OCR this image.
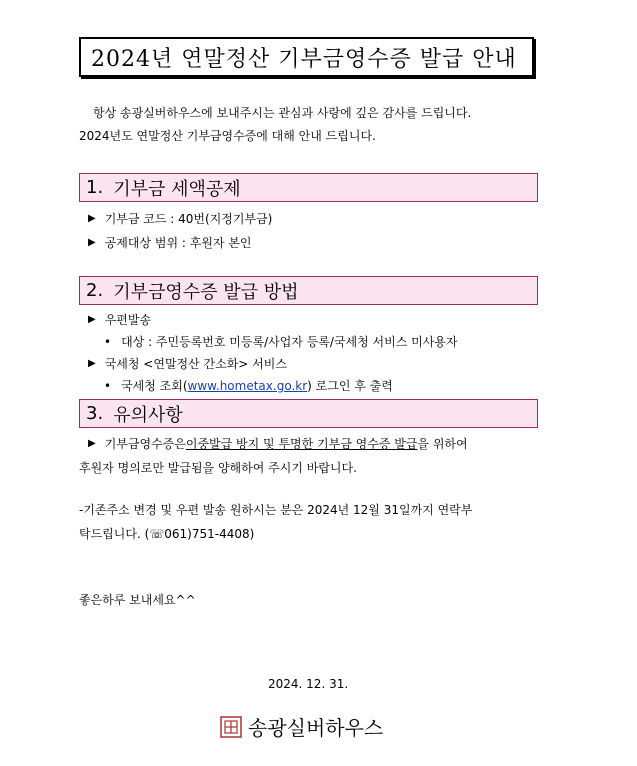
2024년 연말정산 기부금영수증 발급 안내
항상 송광실버하우스에 보내주시는 관심과 사랑에 깊은 감사를 드립니다.
2024년도 연말정산 기부금영수증에 대해 안내 드립니다.
1. 기부금 세액공제
▶ 기부금 코드 : 40번(지정기부금)
▶ 공제대상 범위 : 후원자 본인
2. 기부금영수증 발급 방법
▶ 우편발송
• 대상 : 주민등록번호 미등록/사업자 등록/국세청 서비스 미사용자
▶ 국세청 <연말정산 간소화> 서비스
• 국세청 조회( www.hometax.go.kr ) 로그인 후 출력
3. 유의사항
▶ 기부금영수증은 이중발급 방지 및 투명한 기부금 영수증 발급 을 위하여
후원자 명의로만 발급됨을 양해하여 주시기 바랍니다.
-기존주소 변경 및 우편 발송 원하시는 분은 2024년 12월 31일까지 연락부
탁드립니다. (☏061)751-4408)
좋은하루 보내세요^^
2024. 12. 31.
송광실버하우스
